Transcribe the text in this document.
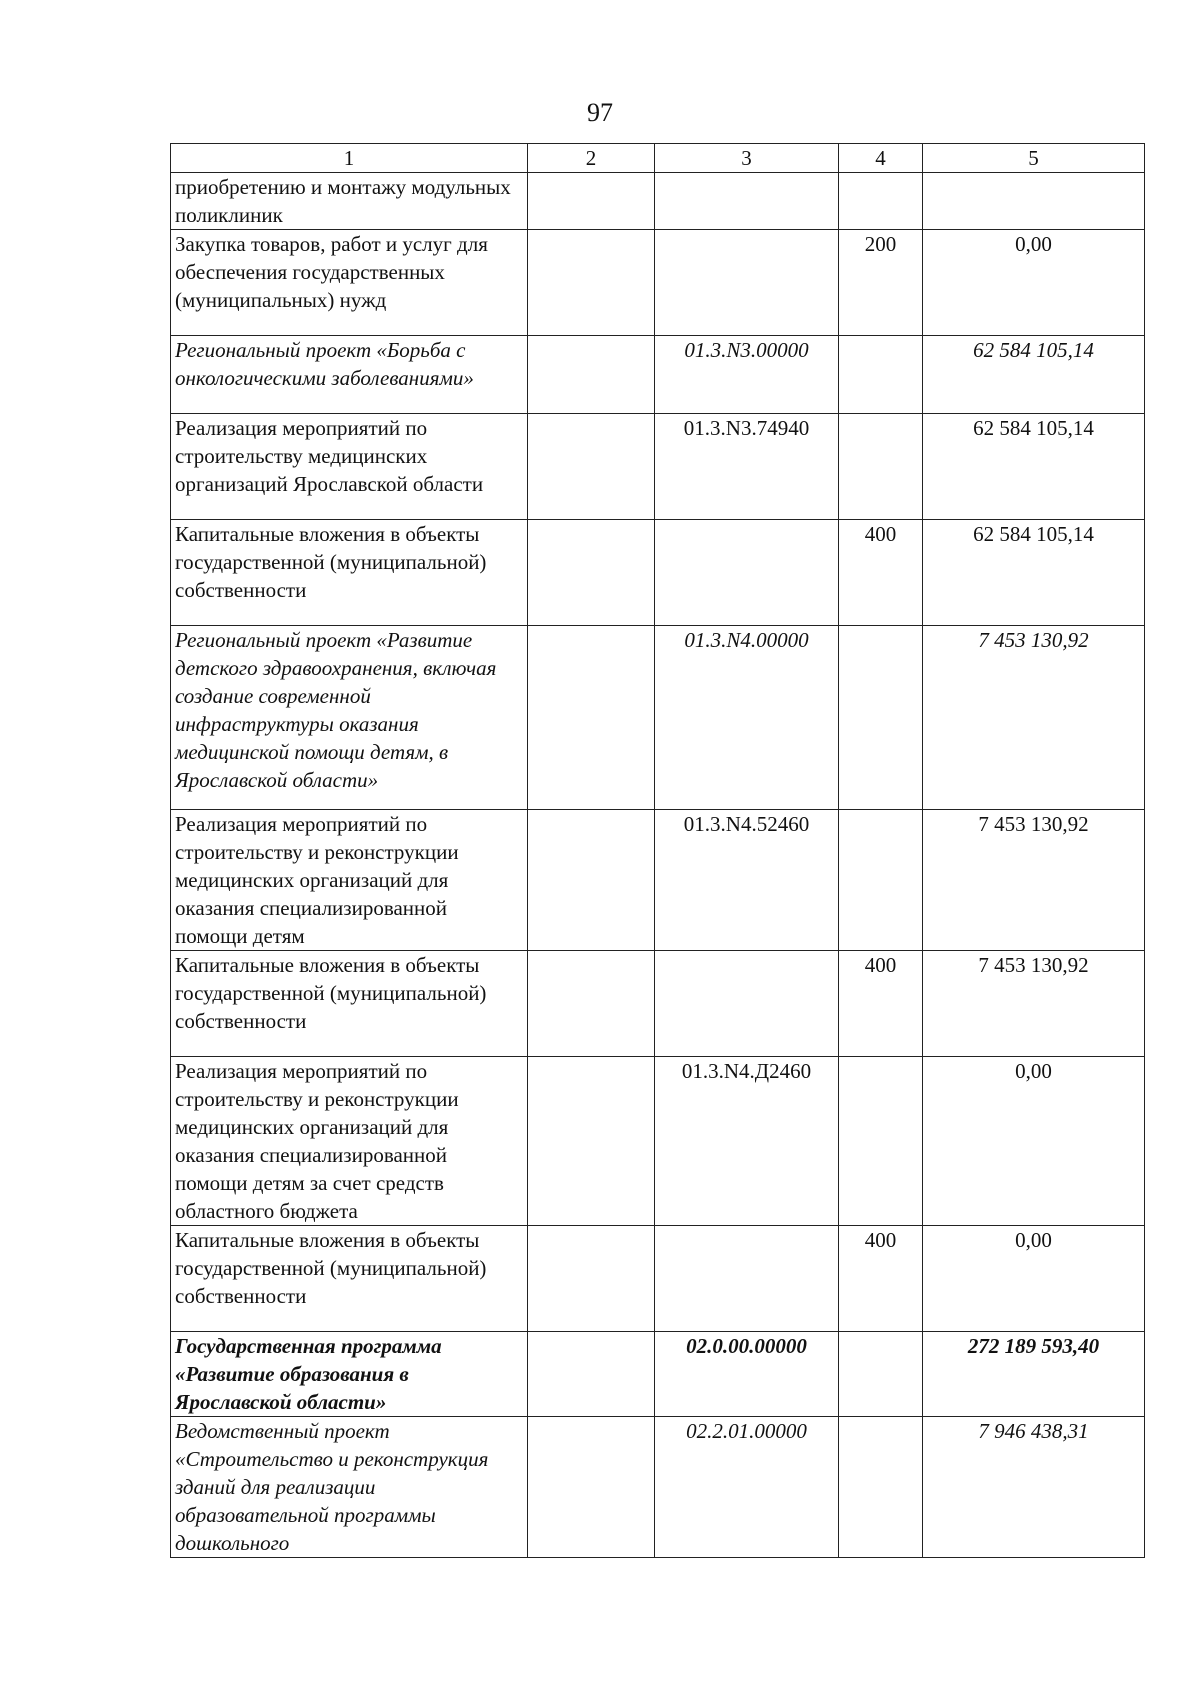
97
1	2	3	4	5
приобретению и монтажу модульных поликлиник				
Закупка товаров, работ и услуг для обеспечения государственных (муниципальных) нужд			200	0,00
Региональный проект «Борьба с онкологическими заболеваниями»		01.3.N3.00000		62 584 105,14
Реализация мероприятий по строительству медицинских организаций Ярославской области		01.3.N3.74940		62 584 105,14
Капитальные вложения в объекты государственной (муниципальной) собственности			400	62 584 105,14
Региональный проект «Развитие детского здравоохранения, включая создание современной инфраструктуры оказания медицинской помощи детям, в Ярославской области»		01.3.N4.00000		7 453 130,92
Реализация мероприятий по строительству и реконструкции медицинских организаций для оказания специализированной помощи детям		01.3.N4.52460		7 453 130,92
Капитальные вложения в объекты государственной (муниципальной) собственности			400	7 453 130,92
Реализация мероприятий по строительству и реконструкции медицинских организаций для оказания специализированной помощи детям за счет средств областного бюджета		01.3.N4.Д2460		0,00
Капитальные вложения в объекты государственной (муниципальной) собственности			400	0,00
Государственная программа «Развитие образования в Ярославской области»		02.0.00.00000		272 189 593,40
Ведомственный проект «Строительство и реконструкция зданий для реализации образовательной программы дошкольного		02.2.01.00000		7 946 438,31
